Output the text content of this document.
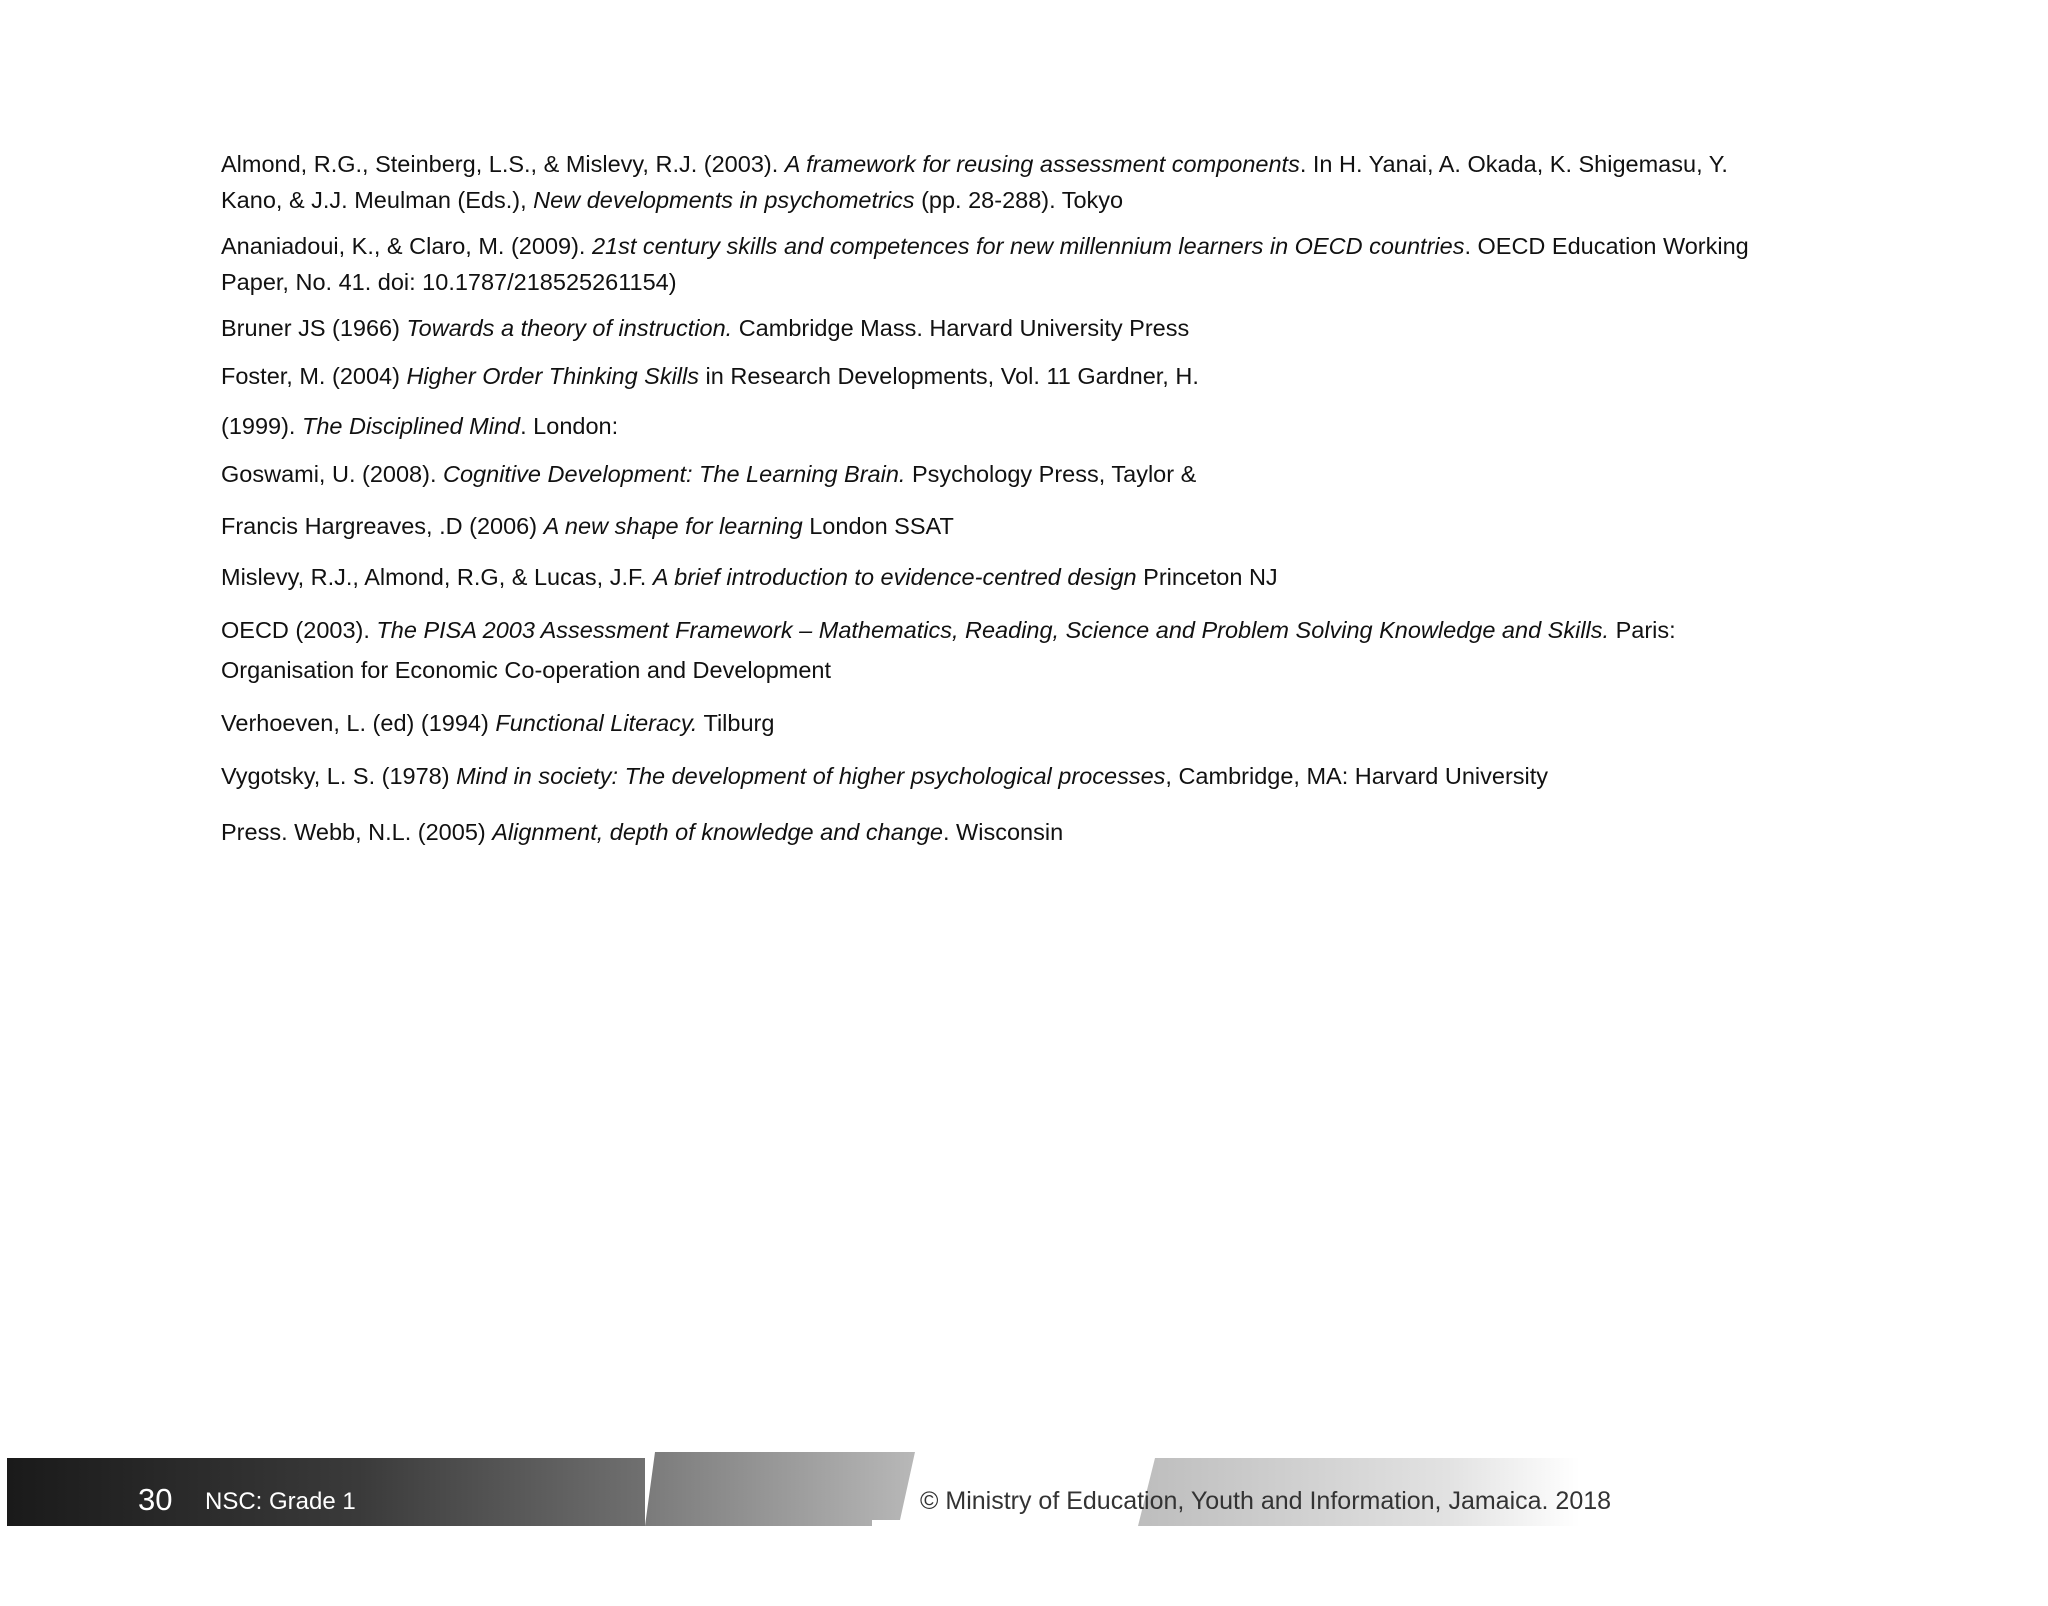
Almond, R.G., Steinberg, L.S., & Mislevy, R.J. (2003). A framework for reusing assessment components. In H. Yanai, A. Okada, K. Shigemasu, Y.
Kano, & J.J. Meulman (Eds.), New developments in psychometrics (pp. 28-288). Tokyo
Ananiadoui, K., & Claro, M. (2009). 21st century skills and competences for new millennium learners in OECD countries. OECD Education Working
Paper, No. 41. doi: 10.1787/218525261154)
Bruner JS (1966) Towards a theory of instruction. Cambridge Mass. Harvard University Press
Foster, M. (2004) Higher Order Thinking Skills in Research Developments, Vol. 11 Gardner, H.
(1999). The Disciplined Mind. London:
Goswami, U. (2008). Cognitive Development: The Learning Brain. Psychology Press, Taylor &
Francis Hargreaves, .D (2006) A new shape for learning London SSAT
Mislevy, R.J., Almond, R.G, & Lucas, J.F. A brief introduction to evidence-centred design Princeton NJ
OECD (2003). The PISA 2003 Assessment Framework – Mathematics, Reading, Science and Problem Solving Knowledge and Skills. Paris:
Organisation for Economic Co-operation and Development
Verhoeven, L. (ed) (1994) Functional Literacy. Tilburg
Vygotsky, L. S. (1978) Mind in society: The development of higher psychological processes, Cambridge, MA: Harvard University
Press. Webb, N.L. (2005) Alignment, depth of knowledge and change. Wisconsin
30 NSC: Grade 1	© Ministry of Education, Youth and Information, Jamaica. 2018
